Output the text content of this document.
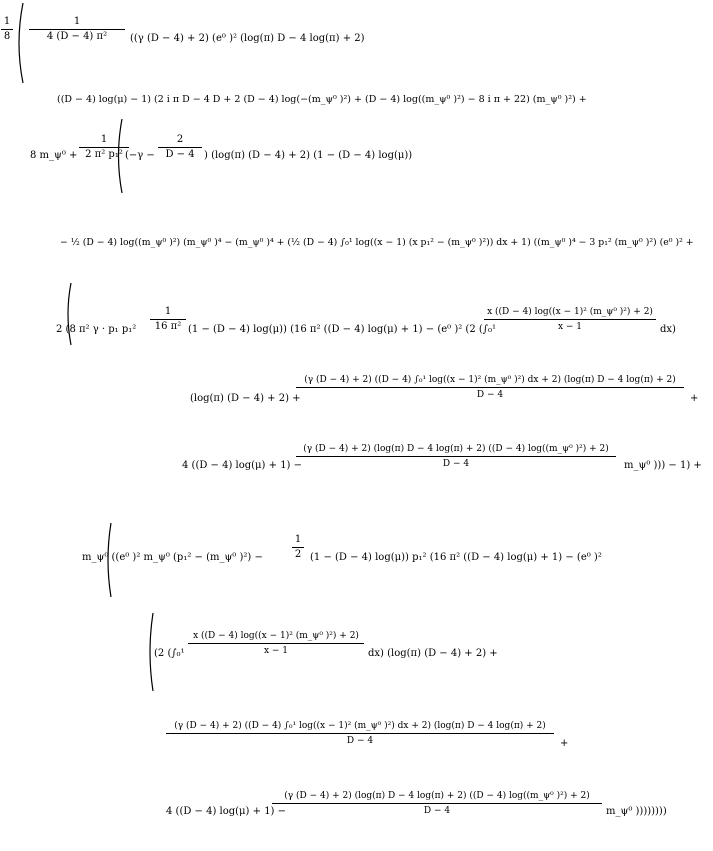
$\frac{1}{8} \frac{1}{\text{4 (D − 4) π²}} ((\gamma$ (D − 4) + 2) (e⁰ )² (log(π) D − 4 log(π) + 2)
((D − 4) log(μ) − 1) (2 i π D − 4 D + 2 (D − 4) log(−(m_ψ⁰ )²) + (D − 4) log((m_ψ⁰ )²) − 8 i π + 22) (m_ψ⁰ )²) +
8 m_ψ⁰ + $\frac{1}{\text{2 π² p₁²}}$
($-\gamma - \frac{2}{D - 4}$ ) (log(π) (D − 4) + 2) (1 − (D − 4) log(μ))
− ½ (D − 4) log((m_ψ⁰ )²) (m_ψ⁰ )⁴ − (m_ψ⁰ )⁴ + (½ (D − 4) ∫₀¹ log((x − 1) (x p₁² − (m_ψ⁰ )²)) dx + 1) ((m_ψ⁰ )⁴ − 3 p₁² (m_ψ⁰ )²) (e⁰ )² +
2 (8 π² γ · p₁ $p_1^2 \frac{1}{\text{16 π²}} (1 - (D - 4)$ log(μ)) (16 π² ((D − 4) log(μ) + 1) − (e⁰ )² (2 (∫₀¹
$\frac{\text{x ((D − 4) log((x − 1)² (m\_ψ⁰ )²) + 2)}}{x - 1} dx$)
(log(π) (D − 4) + 2) +
(γ (D − 4) + 2) ((D − 4) ∫₀¹ log((x − 1)² (m_ψ⁰ )²) dx + 2) (log(π) D − 4 log(π) + 2)
D − 4	+
4 ((D − 4) log(μ) + 1) −
(γ (D − 4) + 2) (log(π) D − 4 log(π) + 2) ((D − 4) log((m_ψ⁰ )²) + 2)
D − 4	m_ψ⁰ ))) − 1) +
m_ψ⁰ ((e⁰ )² m_ψ⁰ (p₁² − (m_ψ⁰ )²) −	$\frac{1}{2} (1 - (D - 4)$ log(μ)) p₁² (16 π² ((D − 4) log(μ) + 1) − (e⁰ )²
(2 $(\int_0^1 \frac{\text{x ((D − 4) log((x − 1)² (m\_ψ⁰ )²) + 2)}}{x - 1} dx)$ (log(π) (D − 4) + 2) +
(γ (D − 4) + 2) ((D − 4) ∫₀¹ log((x − 1)² (m_ψ⁰ )²) dx + 2) (log(π) D − 4 log(π) + 2)
D − 4	+
4 ((D − 4) log(μ) + 1) −
(γ (D − 4) + 2) (log(π) D − 4 log(π) + 2) ((D − 4) log((m_ψ⁰ )²) + 2)
D − 4	m_ψ⁰ ))))))))
